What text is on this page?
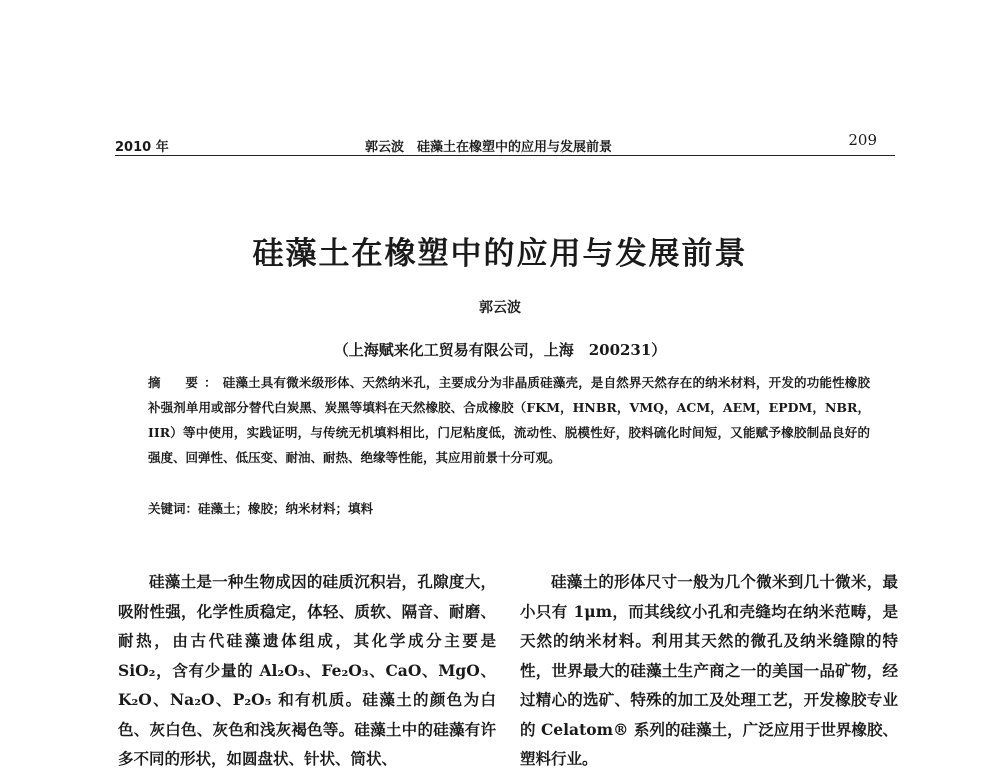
2010 年	郭云波　硅藻土在橡塑中的应用与发展前景	209
硅藻土在橡塑中的应用与发展前景
郭云波
（上海赋来化工贸易有限公司，上海　200231）
摘　要：硅藻土具有微米级形体、天然纳米孔，主要成分为非晶质硅藻壳，是自然界天然存在的纳米材料，开发的功能性橡胶补强剂单用或部分替代白炭黑、炭黑等填料在天然橡胶、合成橡胶（FKM，HNBR，VMQ，ACM，AEM，EPDM，NBR，IIR）等中使用，实践证明，与传统无机填料相比，门尼粘度低，流动性、脱模性好，胶料硫化时间短，又能赋予橡胶制品良好的强度、回弹性、低压变、耐油、耐热、绝缘等性能，其应用前景十分可观。
关键词：硅藻土；橡胶；纳米材料；填料

硅藻土是一种生物成因的硅质沉积岩，孔隙度大，吸附性强，化学性质稳定，体轻、质软、隔音、耐磨、耐热，由古代硅藻遗体组成，其化学成分主要是 SiO₂，含有少量的 Al₂O₃、Fe₂O₃、CaO、MgO、K₂O、Na₂O、P₂O₅ 和有机质。硅藻土的颜色为白色、灰白色、灰色和浅灰褐色等。硅藻土中的硅藻有许多不同的形状，如圆盘状、针状、筒状、

硅藻土的形体尺寸一般为几个微米到几十微米，最小只有 1μm，而其线纹小孔和壳缝均在纳米范畴，是天然的纳米材料。利用其天然的微孔及纳米缝隙的特性，世界最大的硅藻土生产商之一的美国一品矿物，经过精心的选矿、特殊的加工及处理工艺，开发橡胶专业的 Celatom® 系列的硅藻土，广泛应用于世界橡胶、塑料行业。
